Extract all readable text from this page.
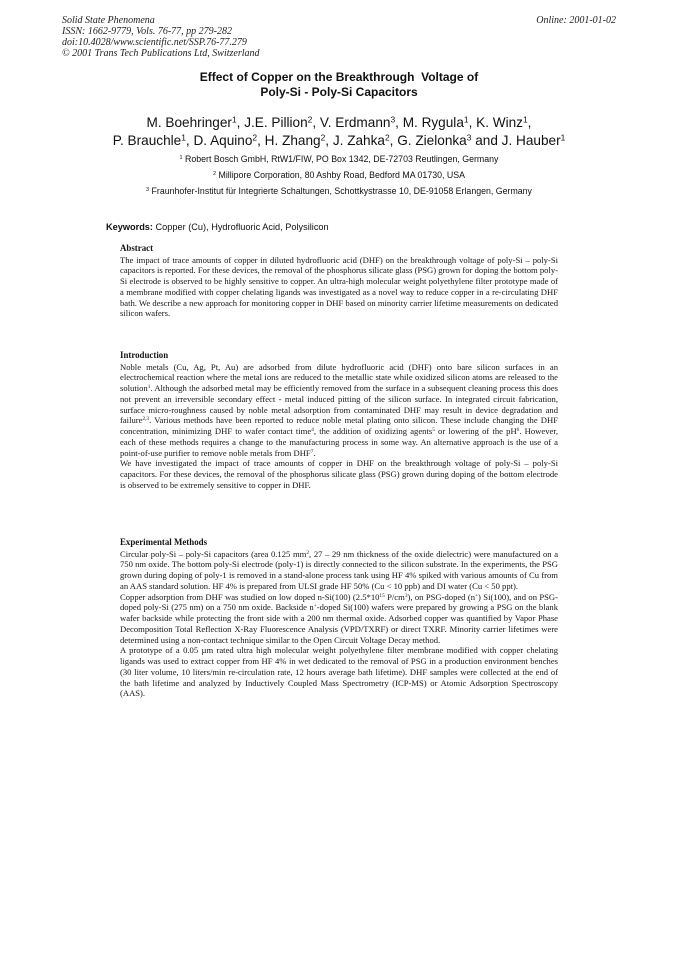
Solid State Phenomena
ISSN: 1662-9779, Vols. 76-77, pp 279-282
doi:10.4028/www.scientific.net/SSP.76-77.279
© 2001 Trans Tech Publications Ltd, Switzerland
Online: 2001-01-02
Effect of Copper on the Breakthrough  Voltage of
Poly-Si - Poly-Si Capacitors
M. Boehringer$^1$, J.E. Pillion$^2$, V. Erdmann$^3$, M. Rygula$^1$, K. Winz$^1$,
P. Brauchle$^1$, D. Aquino$^2$, H. Zhang$^2$, J. Zahka$^2$, G. Zielonka$^3$ and J. Hauber$^1$
$^1$ Robert Bosch GmbH, RtW1/FIW, PO Box 1342, DE-72703 Reutlingen, Germany
$^2$ Millipore Corporation, 80 Ashby Road, Bedford MA 01730, USA
$^3$ Fraunhofer-Institut für Integrierte Schaltungen, Schottkystrasse 10, DE-91058 Erlangen, Germany
Keywords: Copper (Cu), Hydrofluoric Acid, Polysilicon
Abstract

The impact of trace amounts of copper in diluted hydrofluoric acid (DHF) on the breakthrough voltage of poly-Si – poly-Si capacitors is reported. For these devices, the removal of the phosphorus silicate glass (PSG) grown for doping the bottom poly-Si electrode is observed to be highly sensitive to copper. An ultra-high molecular weight polyethylene filter prototype made of a membrane modified with copper chelating ligands was investigated as a novel way to reduce copper in a re-circulating DHF bath. We describe a new approach for monitoring copper in DHF based on minority carrier lifetime measurements on dedicated silicon wafers.

Introduction

Noble metals (Cu, Ag, Pt, Au) are adsorbed from dilute hydrofluoric acid (DHF) onto bare silicon surfaces in an electrochemical reaction where the metal ions are reduced to the metallic state while oxidized silicon atoms are released to the solution$^1$. Although the adsorbed metal may be efficiently removed from the surface in a subsequent cleaning process this does not prevent an irreversible secondary effect - metal induced pitting of the silicon surface. In integrated circuit fabrication, surface micro-roughness caused by noble metal adsorption from contaminated DHF may result in device degradation and failure$^{2,3}$. Various methods have been reported to reduce noble metal plating onto silicon. These include changing the DHF concentration, minimizing DHF to wafer contact time$^4$, the addition of oxidizing agents$^5$ or lowering of the $pH^6$. However, each of these methods requires a change to the manufacturing process in some way. An alternative approach is the use of a point-of-use purifier to remove noble metals from DHF$^7$.

We have investigated the impact of trace amounts of copper in DHF on the breakthrough voltage of poly-Si – poly-Si capacitors. For these devices, the removal of the phosphorus silicate glass (PSG) grown during doping of the bottom electrode is observed to be extremely sensitive to copper in DHF.

Experimental Methods

Circular poly-Si – poly-Si capacitors (area 0.125 $mm^2$, 27 – 29 nm thickness of the oxide dielectric) were manufactured on a 750 nm oxide. The bottom poly-Si electrode (poly-1) is directly connected to the silicon substrate. In the experiments, the PSG grown during doping of poly-1 is removed in a stand-alone process tank using HF 4% spiked with various amounts of Cu from an AAS standard solution. HF 4% is prepared from ULSI grade HF 50% (Cu < 10 ppb) and DI water (Cu < 50 ppt).

Copper adsorption from DHF was studied on low doped n-Si(100) ($2.5*10^{15}$ $P/cm^3$), on PSG-doped (n+) Si(100), and on PSG-doped poly-Si (275 nm) on a 750 nm oxide. Backside n+-doped Si(100) wafers were prepared by growing a PSG on the blank wafer backside while protecting the front side with a 200 nm thermal oxide. Adsorbed copper was quantified by Vapor Phase Decomposition Total Reflection X-Ray Fluorescence Analysis (VPD/TXRF) or direct TXRF. Minority carrier lifetimes were determined using a non-contact technique similar to the Open Circuit Voltage Decay method.

A prototype of a 0.05 µm rated ultra high molecular weight polyethylene filter membrane modified with copper chelating ligands was used to extract copper from HF 4% in wet dedicated to the removal of PSG in a production environment benches (30 liter volume, 10 liters/min re-circulation rate, 12 hours average bath lifetime). DHF samples were collected at the end of the bath lifetime and analyzed by Inductively Coupled Mass Spectrometry (ICP-MS) or Atomic Adsorption Spectroscopy (AAS).
